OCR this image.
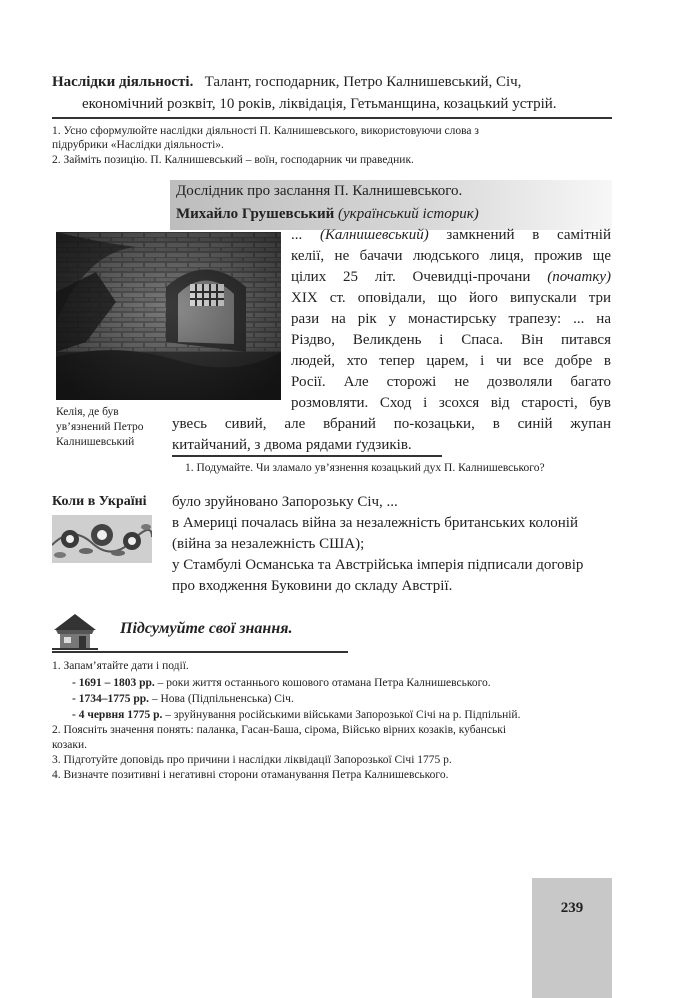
Наслідки діяльності. Талант, господарник, Петро Калнишевський, Січ,
економічний розквіт, 10 років, ліквідація, Гетьманщина, козацький устрій.
1. Усно сформулюйте наслідки діяльності П. Калнишевського, використовуючи слова з
підрубрики «Наслідки діяльності».
2. Займіть позицію. П. Калнишевський – воїн, господарник чи праведник.
Дослідник про заслання П. Калнишевського.
Михайло Грушевський (український історик)
Келія, де був
ув’язнений Петро
Калнишевський
... (Калнишевський) замкнений в самітній
келії, не бачачи людського лиця, прожив ще
цілих 25 літ. Очевидці-прочани (початку)
XIX ст. оповідали, що його випускали три
рази на рік у монастирську трапезу: ... на
Різдво, Великдень і Спаса. Він питався
людей, хто тепер царем, і чи все добре в
Росії. Але сторожі не дозволяли багато
розмовляти. Сход і зсохся від старості, був
увесь сивий, але вбраний по-козацьки, в синій жупан
китайчаний, з двома рядами ґудзиків.
1. Подумайте. Чи зламало ув’язнення козацький дух П. Калнишевського?
Коли в Україні було зруйновано Запорозьку Січ, ...
в Америці почалась війна за незалежність британських колоній
(війна за незалежність США);
у Стамбулі Османська та Австрійська імперія підписали договір
про входження Буковини до складу Австрії.
Підсумуйте свої знання.
1. Запам’ятайте дати і події.
- 1691 – 1803 рр. – роки життя останнього кошового отамана Петра Калнишевського.
- 1734–1775 рр. – Нова (Підпільненська) Січ.
- 4 червня 1775 р. – зруйнування російськими військами Запорозької Січі на р. Підпільній.
2. Поясніть значення понять: паланка, Гасан-Баша, сірома, Військо вірних козаків, кубанські
козаки.
3. Підготуйте доповідь про причини і наслідки ліквідації Запорозької Січі 1775 р.
4. Визначте позитивні і негативні сторони отаманування Петра Калнишевського.
239
